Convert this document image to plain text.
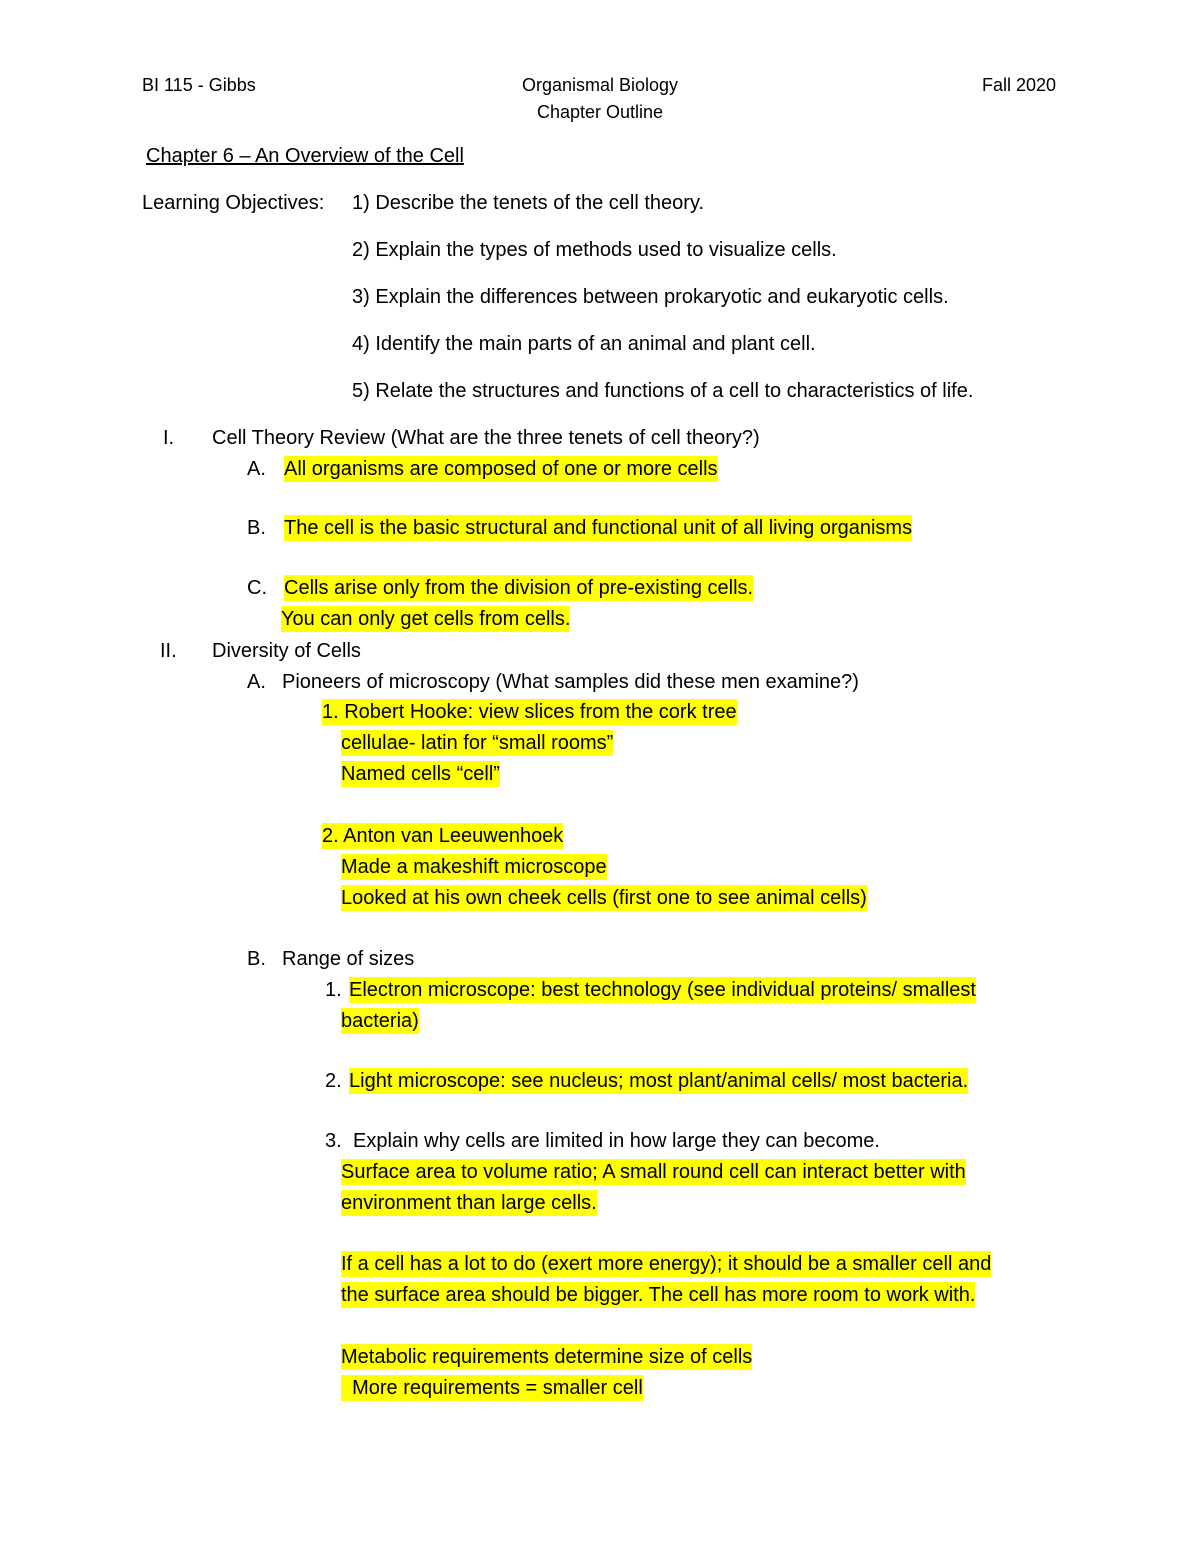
BI 115 - Gibbs	Organismal Biology
Chapter Outline
Fall 2020
Chapter 6 – An Overview of the Cell
Learning Objectives: 1) Describe the tenets of the cell theory.
2) Explain the types of methods used to visualize cells.
3) Explain the differences between prokaryotic and eukaryotic cells.
4) Identify the main parts of an animal and plant cell.
5) Relate the structures and functions of a cell to characteristics of life.
I. Cell Theory Review (What are the three tenets of cell theory?)
A. All organisms are composed of one or more cells
B. The cell is the basic structural and functional unit of all living organisms
C. Cells arise only from the division of pre-existing cells.
You can only get cells from cells.
II. Diversity of Cells
A. Pioneers of microscopy (What samples did these men examine?)
1. Robert Hooke: view slices from the cork tree
cellulae- latin for “small rooms”
Named cells “cell”
2. Anton van Leeuwenhoek
Made a makeshift microscope
Looked at his own cheek cells (first one to see animal cells)
B. Range of sizes
1. Electron microscope: best technology (see individual proteins/ smallest
bacteria)
2. Light microscope: see nucleus; most plant/animal cells/ most bacteria.
3. Explain why cells are limited in how large they can become.
Surface area to volume ratio; A small round cell can interact better with
environment than large cells.
If a cell has a lot to do (exert more energy); it should be a smaller cell and
the surface area should be bigger. The cell has more room to work with.
Metabolic requirements determine size of cells
More requirements = smaller cell
